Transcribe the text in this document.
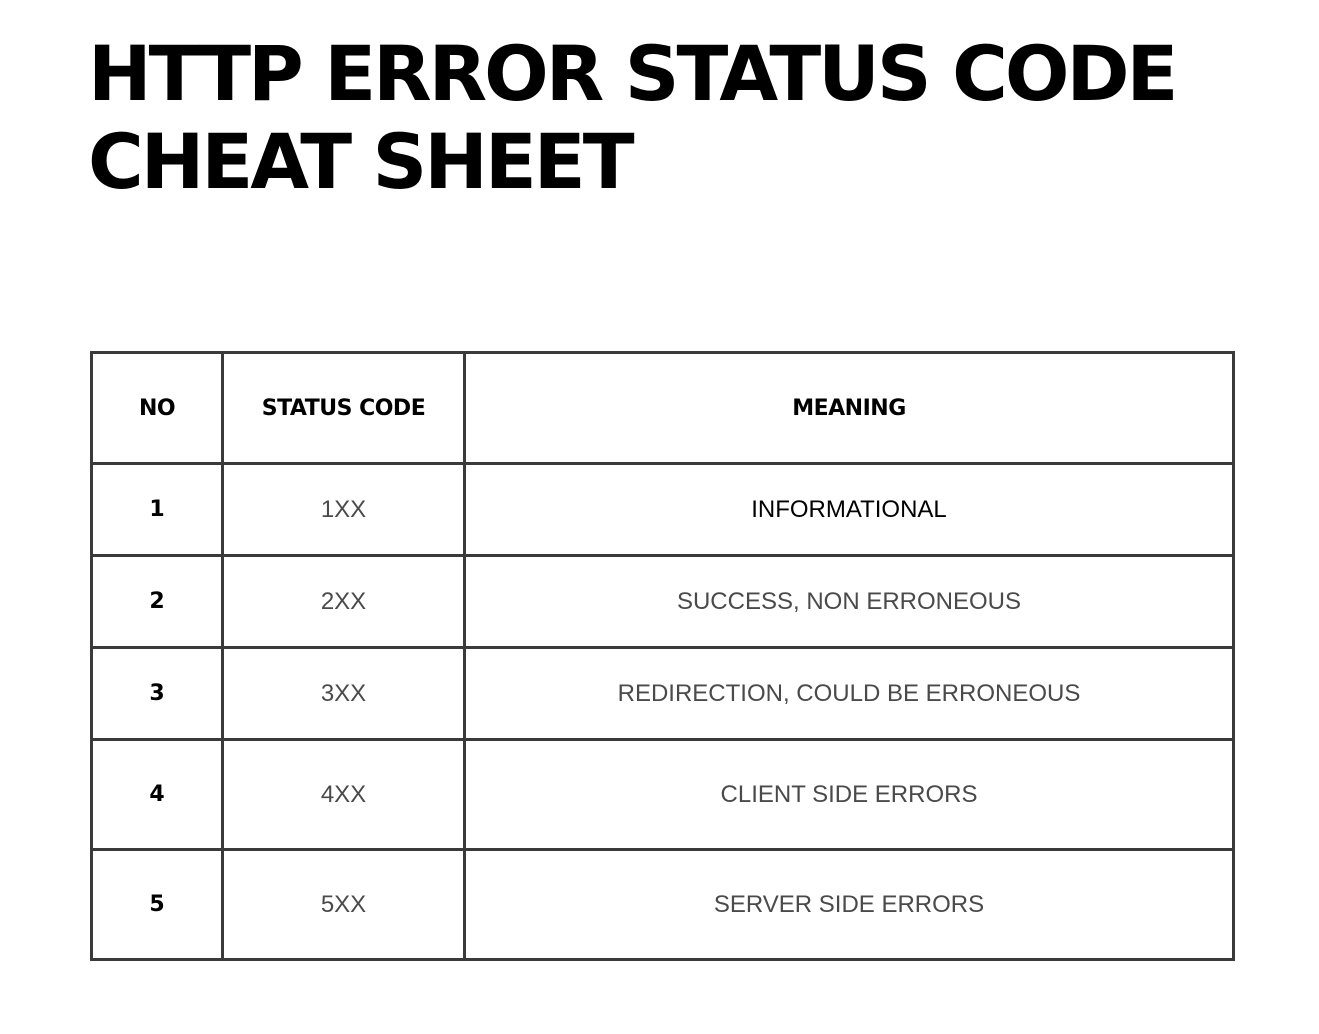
HTTP ERROR STATUS CODE
CHEAT SHEET
NO	STATUS CODE	MEANING
1	1XX	INFORMATIONAL
2	2XX	SUCCESS, NON ERRONEOUS
3	3XX	REDIRECTION, COULD BE ERRONEOUS
4	4XX	CLIENT SIDE ERRORS
5	5XX	SERVER SIDE ERRORS
